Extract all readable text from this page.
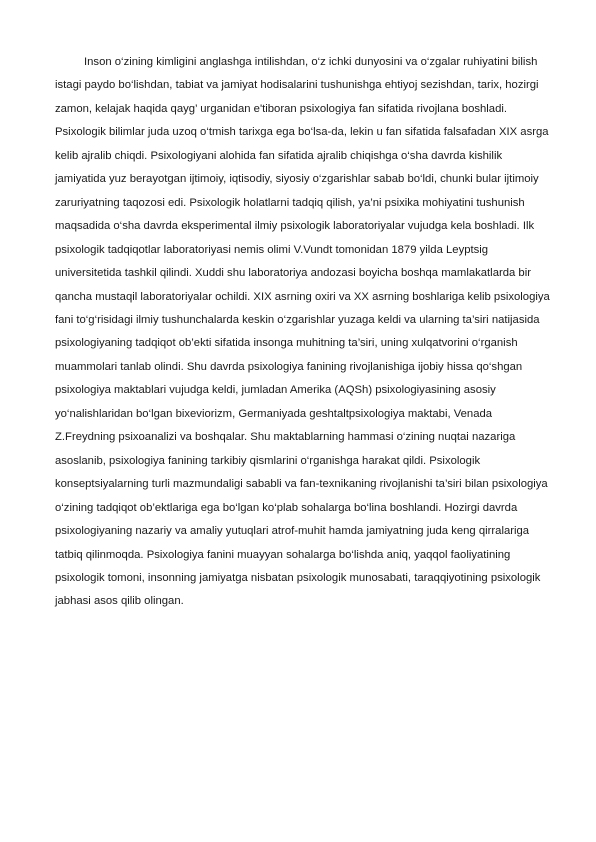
Inson o‘zining kimligini anglashga intilishdan, o‘z ichki dunyosini va o‘zgalar ruhiyatini bilish istagi paydo bo‘lishdan, tabiat va jamiyat hodisalarini tushunishga ehtiyoj sezishdan, tarix, hozirgi zamon, kelajak haqida qayg’ urganidan e'tiboran psixologiya fan sifatida rivojlana boshladi. Psixologik bilimlar juda uzoq o‘tmish tarixga ega bo‘lsa-da, lekin u fan sifatida falsafadan XIX asrga kelib ajralib chiqdi. Psixologiyani alohida fan sifatida ajralib chiqishga o‘sha davrda kishilik jamiyatida yuz berayotgan ijtimoiy, iqtisodiy, siyosiy o‘zgarishlar sabab bo‘ldi, chunki bular ijtimoiy zaruriyatning taqozosi edi. Psixologik holatlarni tadqiq qilish, ya’ni psixika mohiyatini tushunish maqsadida o‘sha davrda eksperimental ilmiy psixologik laboratoriyalar vujudga kela boshladi. Ilk psixologik tadqiqotlar laboratoriyasi nemis olimi V.Vundt tomonidan 1879 yilda Leyptsig universitetida tashkil qilindi. Xuddi shu laboratoriya andozasi boyicha boshqa mamlakatlarda bir qancha mustaqil laboratoriyalar ochildi. XIX asrning oxiri va XX asrning boshlariga kelib psixologiya fani to‘g‘risidagi ilmiy tushunchalarda keskin o‘zgarishlar yuzaga keldi va ularning ta’siri natijasida psixologiyaning tadqiqot ob’ekti sifatida insonga muhitning ta’siri, uning xulqatvorini o‘rganish muammolari tanlab olindi. Shu davrda psixologiya fanining rivojlanishiga ijobiy hissa qo‘shgan psixologiya maktablari vujudga keldi, jumladan Amerika (AQSh) psixologiyasining asosiy yo‘nalishlaridan bo‘lgan bixeviorizm, Germaniyada geshtaltpsixologiya maktabi, Venada Z.Freydning psixoanalizi va boshqalar. Shu maktablarning hammasi o‘zining nuqtai nazariga asoslanib, psixologiya fanining tarkibiy qismlarini o‘rganishga harakat qildi. Psixologik konseptsiyalarning turli mazmundaligi sababli va fan-texnikaning rivojlanishi ta’siri bilan psixologiya o‘zining tadqiqot ob’ektlariga ega bo‘lgan ko‘plab sohalarga bo‘lina boshlandi. Hozirgi davrda psixologiyaning nazariy va amaliy yutuqlari atrof-muhit hamda jamiyatning juda keng qirralariga tatbiq qilinmoqda. Psixologiya fanini muayyan sohalarga bo‘lishda aniq, yaqqol faoliyatining psixologik tomoni, insonning jamiyatga nisbatan psixologik munosabati, taraqqiyotining psixologik jabhasi asos qilib olingan.
